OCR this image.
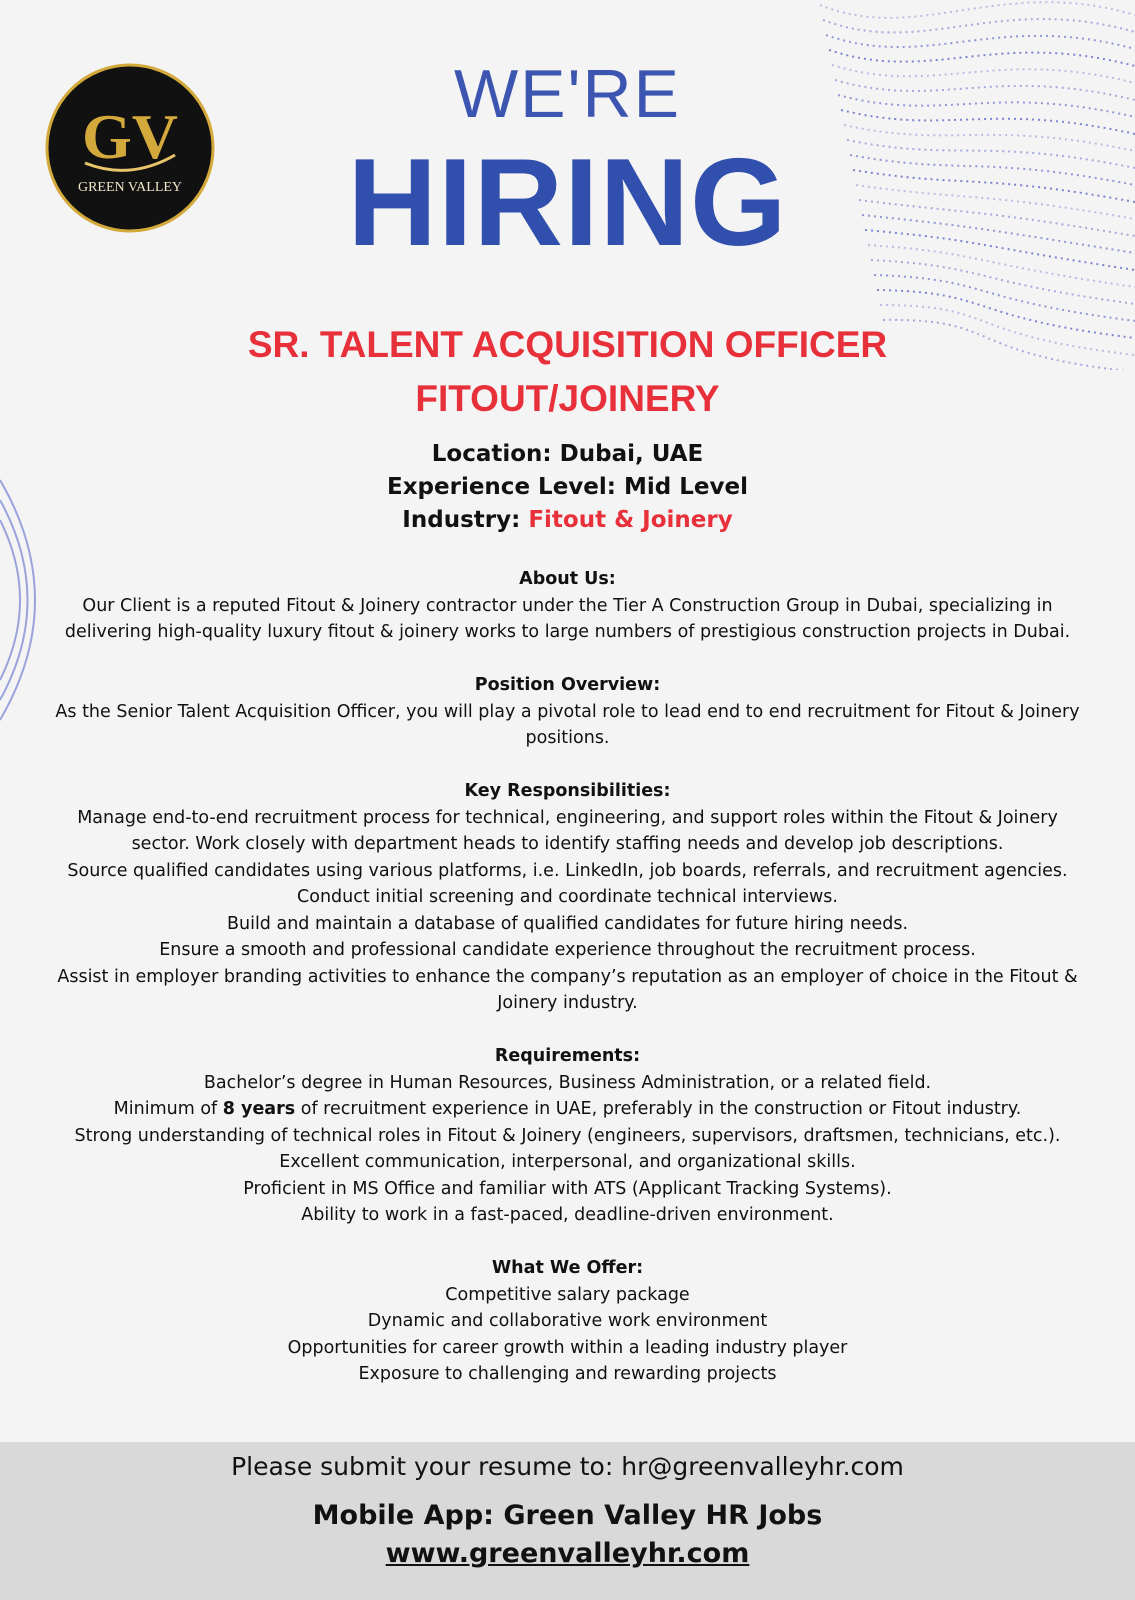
GV
GREEN VALLEY
WE'RE
HIRING
SR. TALENT ACQUISITION OFFICER
FITOUT/JOINERY
Location: Dubai, UAE
Experience Level: Mid Level
Industry: Fitout & Joinery
About Us:
Our Client is a reputed Fitout & Joinery contractor under the Tier A Construction Group in Dubai, specializing in
delivering high-quality luxury fitout & joinery works to large numbers of prestigious construction projects in Dubai.
Position Overview:
As the Senior Talent Acquisition Officer, you will play a pivotal role to lead end to end recruitment for Fitout & Joinery
positions.
Key Responsibilities:
Manage end-to-end recruitment process for technical, engineering, and support roles within the Fitout & Joinery
sector. Work closely with department heads to identify staffing needs and develop job descriptions.
Source qualified candidates using various platforms, i.e. LinkedIn, job boards, referrals, and recruitment agencies.
Conduct initial screening and coordinate technical interviews.
Build and maintain a database of qualified candidates for future hiring needs.
Ensure a smooth and professional candidate experience throughout the recruitment process.
Assist in employer branding activities to enhance the company’s reputation as an employer of choice in the Fitout &
Joinery industry.
Requirements:
Bachelor’s degree in Human Resources, Business Administration, or a related field.
Minimum of 8 years of recruitment experience in UAE, preferably in the construction or Fitout industry.
Strong understanding of technical roles in Fitout & Joinery (engineers, supervisors, draftsmen, technicians, etc.).
Excellent communication, interpersonal, and organizational skills.
Proficient in MS Office and familiar with ATS (Applicant Tracking Systems).
Ability to work in a fast-paced, deadline-driven environment.
What We Offer:
Competitive salary package
Dynamic and collaborative work environment
Opportunities for career growth within a leading industry player
Exposure to challenging and rewarding projects
Please submit your resume to: hr@greenvalleyhr.com
Mobile App: Green Valley HR Jobs
www.greenvalleyhr.com
